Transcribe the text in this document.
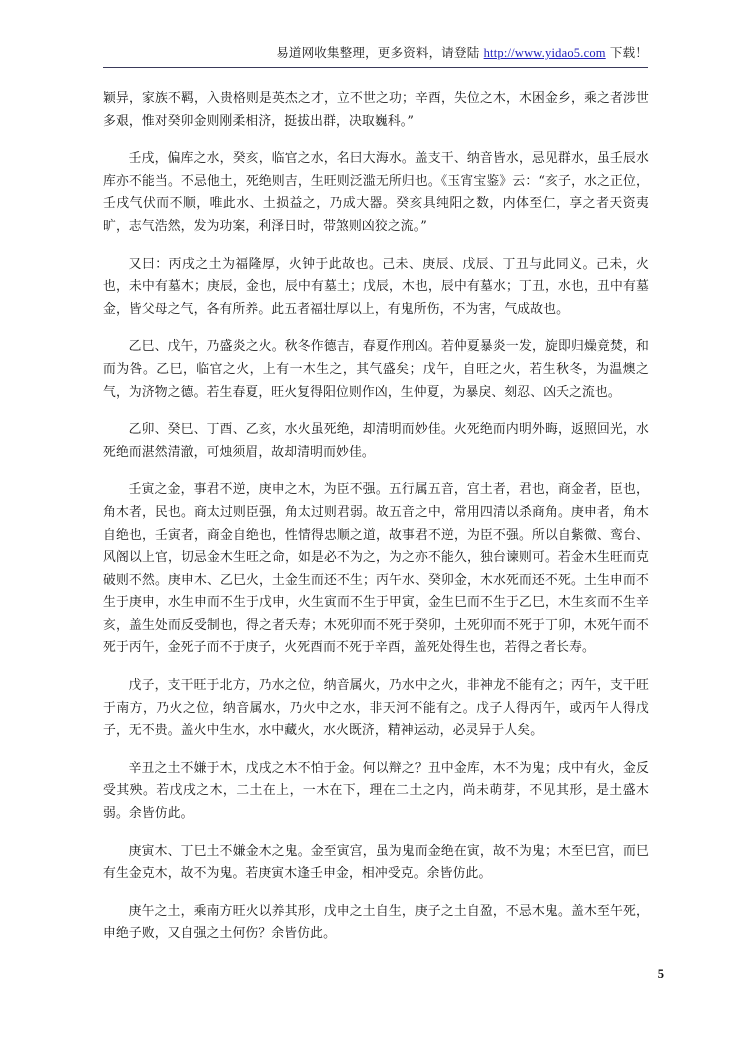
易道网收集整理，更多资料，请登陆 http://www.yidao5.com 下载！

颖异，家族不羁，入贵格则是英杰之才，立不世之功；辛酉，失位之木，木困金乡，乘之者涉世多艰，惟对癸卯金则刚柔相济，挺拔出群，决取巍科。”

壬戌，偏库之水，癸亥，临官之水，名曰大海水。盖支干、纳音皆水，忌见群水，虽壬辰水库亦不能当。不忌他土，死绝则吉，生旺则泛滥无所归也。《玉宵宝鉴》云：“亥子，水之正位，壬戌气伏而不顺，唯此水、土损益之，乃成大器。癸亥具纯阳之数，内体至仁，享之者天资夷旷，志气浩然，发为功案，利泽日时，带煞则凶狡之流。”

又曰：丙戌之土为福隆厚，火钟于此故也。己未、庚辰、戊辰、丁丑与此同义。己未，火也，未中有墓木；庚辰，金也，辰中有墓土；戊辰，木也，辰中有墓水；丁丑，水也，丑中有墓金，皆父母之气，各有所养。此五者福壮厚以上，有鬼所伤，不为害，气成故也。

乙巳、戊午，乃盛炎之火。秋冬作德吉，春夏作刑凶。若仲夏暴炎一发，旋即归燥竟焚，和而为咎。乙巳，临官之火，上有一木生之，其气盛矣；戊午，自旺之火，若生秋冬，为温燠之气，为济物之德。若生春夏，旺火复得阳位则作凶，生仲夏，为暴戾、刻忍、凶夭之流也。

乙卯、癸巳、丁酉、乙亥，水火虽死绝，却清明而妙佳。火死绝而内明外晦，返照回光，水死绝而湛然清澈，可烛须眉，故却清明而妙佳。

壬寅之金，事君不逆，庚申之木，为臣不强。五行属五音，宫土者，君也，商金者，臣也，角木者，民也。商太过则臣强，角太过则君弱。故五音之中，常用四清以杀商角。庚申者，角木自绝也，壬寅者，商金自绝也，性情得忠顺之道，故事君不逆，为臣不强。所以自紫微、鸾台、风阁以上官，切忌金木生旺之命，如是必不为之，为之亦不能久，独台谏则可。若金木生旺而克破则不然。庚申木、乙巳火，土金生而还不生；丙午水、癸卯金，木水死而还不死。土生申而不生于庚申，水生申而不生于戊申，火生寅而不生于甲寅，金生巳而不生于乙巳，木生亥而不生辛亥，盖生处而反受制也，得之者夭寿；木死卯而不死于癸卯，土死卯而不死于丁卯，木死午而不死于丙午，金死子而不于庚子，火死酉而不死于辛酉，盖死处得生也，若得之者长寿。

戊子，支干旺于北方，乃水之位，纳音属火，乃水中之火，非神龙不能有之；丙午，支干旺于南方，乃火之位，纳音属水，乃火中之水，非天河不能有之。戊子人得丙午，或丙午人得戊子，无不贵。盖火中生水，水中藏火，水火既济，精神运动，必灵异于人矣。

辛丑之土不嫌于木，戊戌之木不怕于金。何以辩之？丑中金库，木不为鬼；戌中有火，金反受其殃。若戊戌之木，二土在上，一木在下，理在二土之内，尚未萌芽，不见其形，是土盛木弱。余皆仿此。

庚寅木、丁巳土不嫌金木之鬼。金至寅宫，虽为鬼而金绝在寅，故不为鬼；木至巳宫，而巳有生金克木，故不为鬼。若庚寅木逢壬申金，相冲受克。余皆仿此。

庚午之土，乘南方旺火以养其形，戊申之土自生，庚子之土自盈，不忌木鬼。盖木至午死，申绝子败，又自强之土何伤？余皆仿此。

5
